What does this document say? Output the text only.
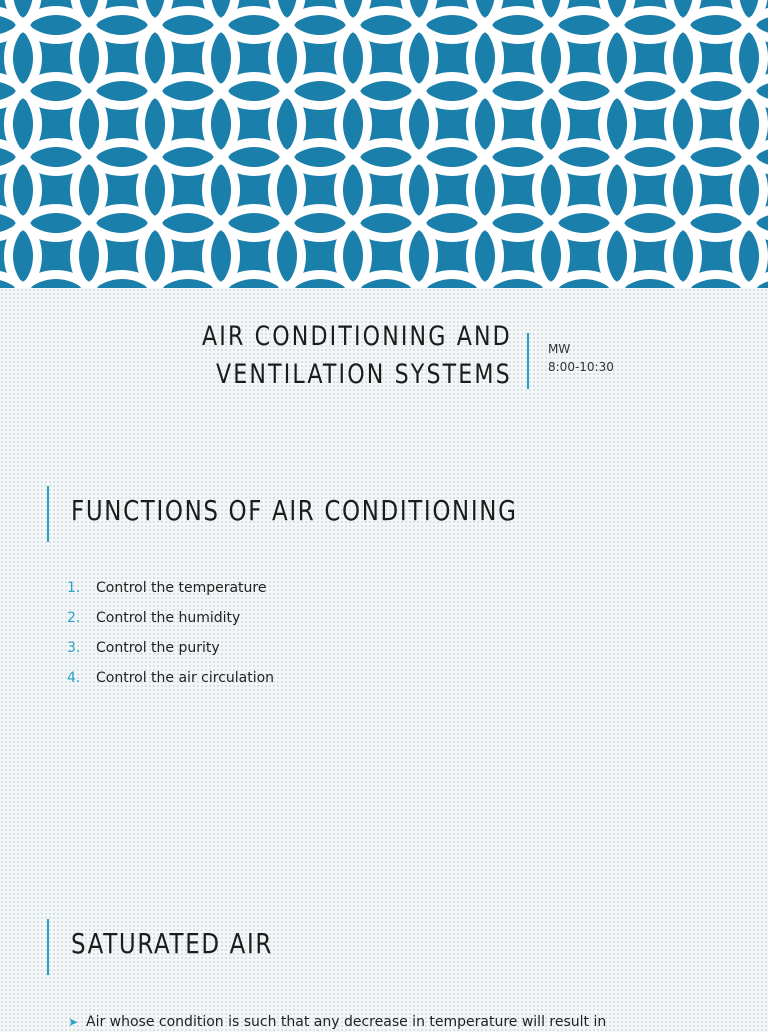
AIR CONDITIONING AND
VENTILATION SYSTEMS
MW
8:00-10:30
FUNCTIONS OF AIR CONDITIONING
1. Control the temperature
2. Control the humidity
3. Control the purity
4. Control the air circulation
SATURATED AIR
➤ Air whose condition is such that any decrease in temperature will result in
